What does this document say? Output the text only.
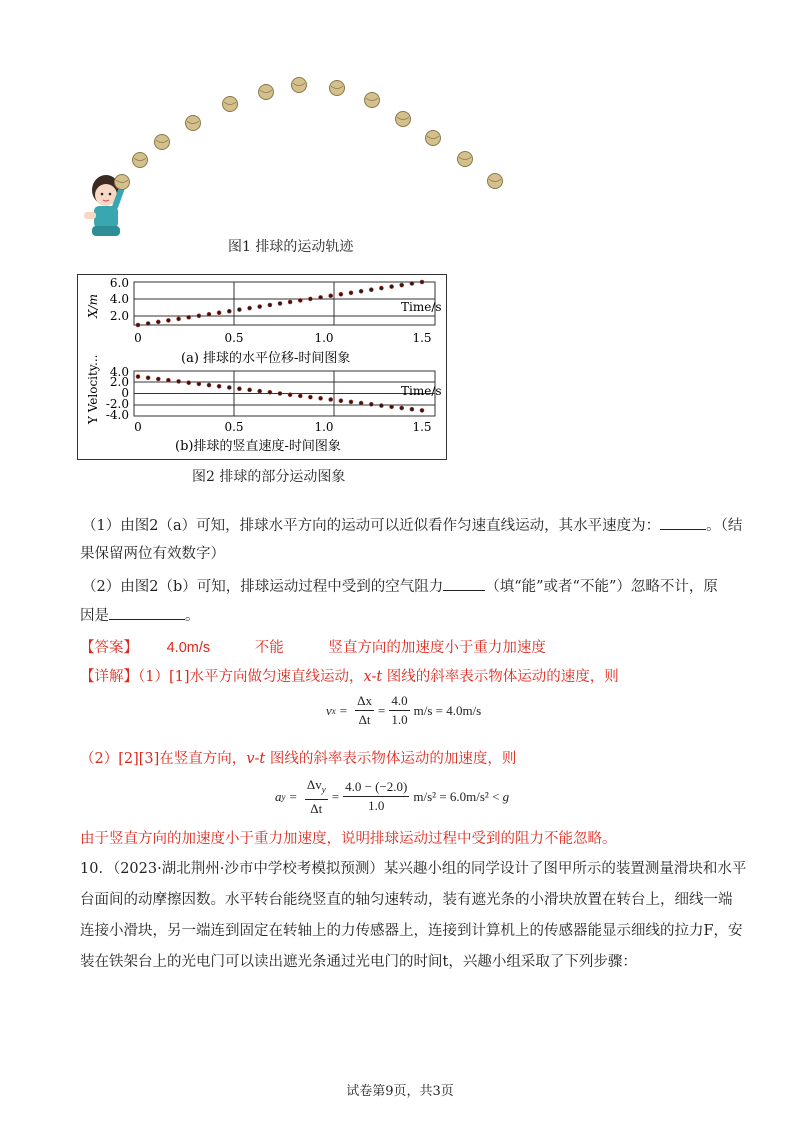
图1 排球的运动轨迹
6.0
4.0
2.0
X/m	Time/s
0	0.5	1.0	1.5
(a) 排球的水平位移-时间图象
4.0
2.0
0
-2.0
-4.0
Y Velocity...	Time/s
0	0.5	1.0	1.5
(b)排球的竖直速度-时间图象
图2 排球的部分运动图象
（1）由图2（a）可知，排球水平方向的运动可以近似看作匀速直线运动，其水平速度为：	。（结
果保留两位有效数字）
（2）由图2（b）可知，排球运动过程中受到的空气阻力	（填“能”或者“不能”）忽略不计，原
因是	。
【答案】 4.0m/s	不能	竖直方向的加速度小于重力加速度
【详解】（1）[1]水平方向做匀速直线运动，x-t 图线的斜率表示物体运动的速度，则
v $x = \frac{\Delta x}{\Delta t} = \frac{4.0}{1.0} m/s = 4.0m/s$
（2）[2][3]在竖直方向，v-t 图线的斜率表示物体运动的加速度，则
a $y = \frac{\Delta v_y}{\Delta t} = \frac{4.0 - (-2.0)}{1.0} m/s^2 = 6.0m/s^2 < g$
由于竖直方向的加速度小于重力加速度，说明排球运动过程中受到的阻力不能忽略。
10．（2023·湖北荆州·沙市中学校考模拟预测）某兴趣小组的同学设计了图甲所示的装置测量滑块和水平
台面间的动摩擦因数。水平转台能绕竖直的轴匀速转动，装有遮光条的小滑块放置在转台上，细线一端
连接小滑块，另一端连到固定在转轴上的力传感器上，连接到计算机上的传感器能显示细线的拉力F，安
装在铁架台上的光电门可以读出遮光条通过光电门的时间t，兴趣小组采取了下列步骤：
试卷第9页，共3页
